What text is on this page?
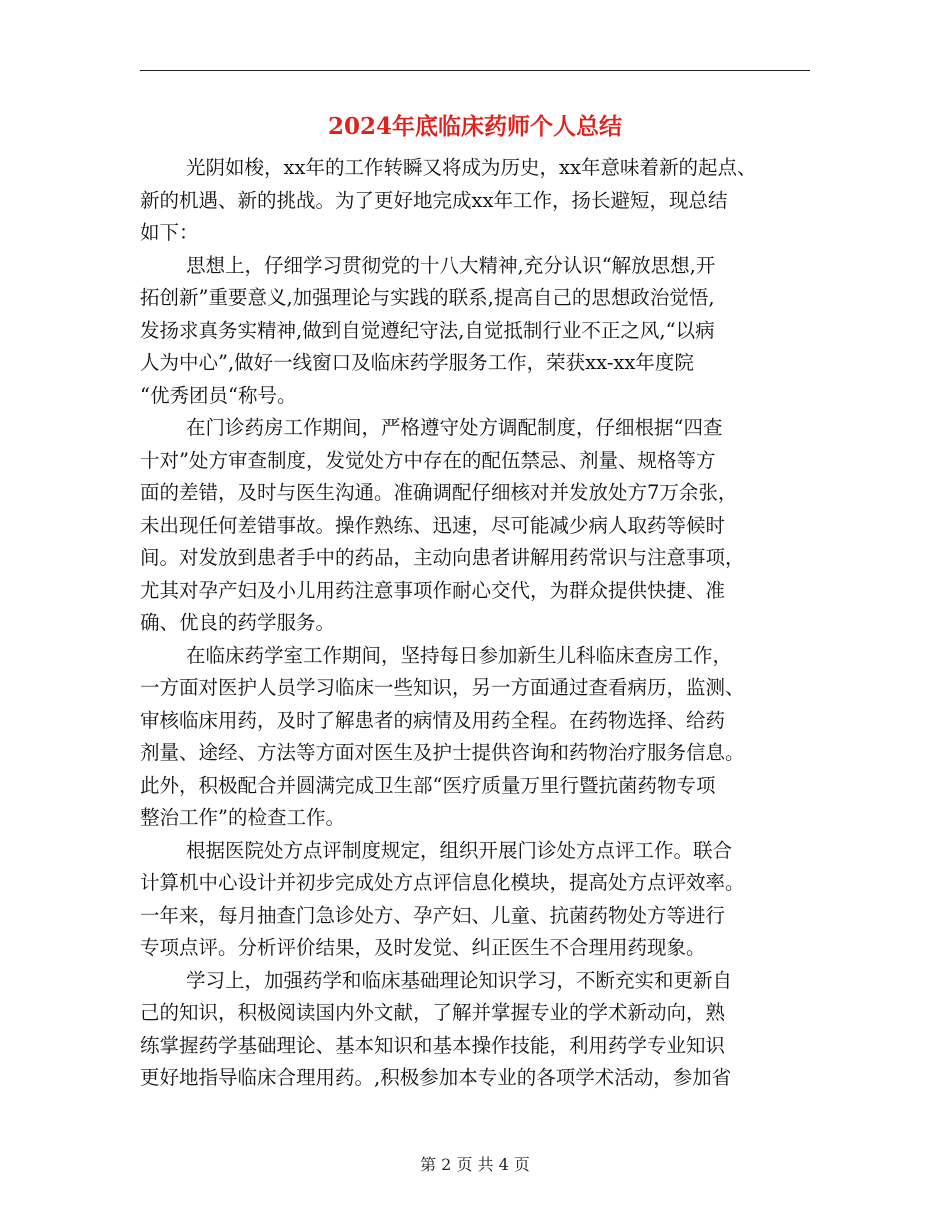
2024年底临床药师个人总结
光阴如梭，xx年的工作转瞬又将成为历史，xx年意味着新的起点、
新的机遇、新的挑战。为了更好地完成xx年工作，扬长避短，现总结
如下：
思想上，仔细学习贯彻党的十八大精神,充分认识“解放思想,开
拓创新”重要意义,加强理论与实践的联系,提高自己的思想政治觉悟,
发扬求真务实精神,做到自觉遵纪守法,自觉抵制行业不正之风,“以病
人为中心”,做好一线窗口及临床药学服务工作，荣获xx-xx年度院
“优秀团员“称号。
在门诊药房工作期间，严格遵守处方调配制度，仔细根据“四查
十对”处方审查制度，发觉处方中存在的配伍禁忌、剂量、规格等方
面的差错，及时与医生沟通。准确调配仔细核对并发放处方7万余张，
未出现任何差错事故。操作熟练、迅速，尽可能减少病人取药等候时
间。对发放到患者手中的药品，主动向患者讲解用药常识与注意事项，
尤其对孕产妇及小儿用药注意事项作耐心交代，为群众提供快捷、准
确、优良的药学服务。
在临床药学室工作期间，坚持每日参加新生儿科临床查房工作，
一方面对医护人员学习临床一些知识，另一方面通过查看病历，监测、
审核临床用药，及时了解患者的病情及用药全程。在药物选择、给药
剂量、途经、方法等方面对医生及护士提供咨询和药物治疗服务信息。
此外，积极配合并圆满完成卫生部“医疗质量万里行暨抗菌药物专项
整治工作”的检查工作。
根据医院处方点评制度规定，组织开展门诊处方点评工作。联合
计算机中心设计并初步完成处方点评信息化模块，提高处方点评效率。
一年来，每月抽查门急诊处方、孕产妇、儿童、抗菌药物处方等进行
专项点评。分析评价结果，及时发觉、纠正医生不合理用药现象。
学习上，加强药学和临床基础理论知识学习，不断充实和更新自
己的知识，积极阅读国内外文献，了解并掌握专业的学术新动向，熟
练掌握药学基础理论、基本知识和基本操作技能，利用药学专业知识
更好地指导临床合理用药。,积极参加本专业的各项学术活动，参加省
第 2 页 共 4 页
